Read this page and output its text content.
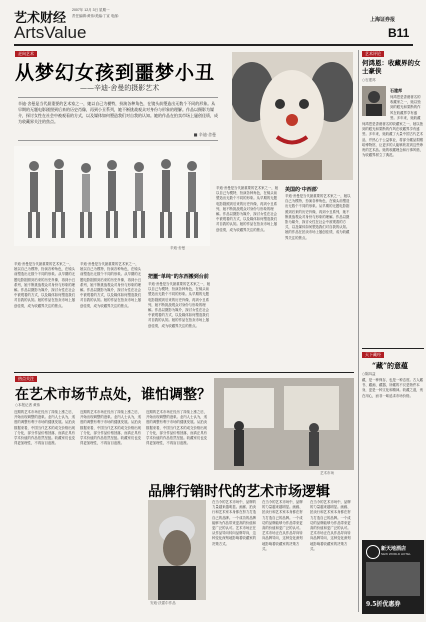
艺术财经
ArtsValue
2007年 12月 3日 星期一
责任编辑:黄伟/美编:丁宣 电邮:
上海证券报
B11
走向艺术
从梦幻女孩到噩梦小丑
——辛迪·舍曼的摄影艺术
辛迪·舍曼是当代最重要的艺术家之一，她以自己为模特，扮演各种角色，在镜头前塑造出无数个不同的形象。从早期的无题电影剧照到后来的历史肖像，再到小丑系列，她不断挑战观众对身份与形象的理解。作品以摄影为媒介，探讨女性在社会中被观看的方式，以及媒体如何塑造我们对自我的认知。她的作品在拍卖市场上屡创佳绩，成为收藏界关注的焦点。
■ 辛迪·舍曼
辛迪·舍曼
辛迪·舍曼是当代最重要的艺术家之一，她以自己为模特，扮演各种角色，在镜头前塑造出无数个不同的形象。从早期的无题电影剧照到后来的历史肖像，再到小丑系列，她不断挑战观众对身份与形象的理解。作品以摄影为媒介，探讨女性在社会中被观看的方式，以及媒体如何塑造我们对自我的认知。她的作品在拍卖市场上屡创佳绩，成为收藏界关注的焦点。
辛迪·舍曼是当代最重要的艺术家之一，她以自己为模特，扮演各种角色，在镜头前塑造出无数个不同的形象。从早期的无题电影剧照到后来的历史肖像，再到小丑系列，她不断挑战观众对身份与形象的理解。作品以摄影为媒介，探讨女性在社会中被观看的方式，以及媒体如何塑造我们对自我的认知。她的作品在拍卖市场上屡创佳绩，成为收藏界关注的焦点。
把噩“单纯”的东西搬到台前
辛迪·舍曼是当代最重要的艺术家之一，她以自己为模特，扮演各种角色，在镜头前塑造出无数个不同的形象。从早期的无题电影剧照到后来的历史肖像，再到小丑系列，她不断挑战观众对身份与形象的理解。作品以摄影为媒介，探讨女性在社会中被观看的方式，以及媒体如何塑造我们对自我的认知。她的作品在拍卖市场上屡创佳绩，成为收藏界关注的焦点。
辛迪·舍曼是当代最重要的艺术家之一，她以自己为模特，扮演各种角色，在镜头前塑造出无数个不同的形象。从早期的无题电影剧照到后来的历史肖像，再到小丑系列，她不断挑战观众对身份与形象的理解。作品以摄影为媒介，探讨女性在社会中被观看的方式，以及媒体如何塑造我们对自我的认知。她的作品在拍卖市场上屡创佳绩，成为收藏界关注的焦点。
美国的‘中西部’
辛迪·舍曼是当代最重要的艺术家之一，她以自己为模特，扮演各种角色，在镜头前塑造出无数个不同的形象。从早期的无题电影剧照到后来的历史肖像，再到小丑系列，她不断挑战观众对身份与形象的理解。作品以摄影为媒介，探讨女性在社会中被观看的方式，以及媒体如何塑造我们对自我的认知。她的作品在拍卖市场上屡创佳绩，成为收藏界关注的焦点。
热点关注
在艺术市场节点处，谁怕调整？
○本报记者 黄伟
近期的艺术市场在经历了持续上涨之后，开始出现调整的迹象。业内人士认为，适度的调整有利于市场的健康发展。从拍卖数据来看，中国当代艺术的成交价格出现了分化，部分作品价格回落，而真正具有学术价值的作品依然坚挺。收藏家们也变得更加理性，不再盲目追涨。
近期的艺术市场在经历了持续上涨之后，开始出现调整的迹象。业内人士认为，适度的调整有利于市场的健康发展。从拍卖数据来看，中国当代艺术的成交价格出现了分化，部分作品价格回落，而真正具有学术价值的作品依然坚挺。收藏家们也变得更加理性，不再盲目追涨。
近期的艺术市场在经历了持续上涨之后，开始出现调整的迹象。业内人士认为，适度的调整有利于市场的健康发展。从拍卖数据来看，中国当代艺术的成交价格出现了分化，部分作品价格回落，而真正具有学术价值的作品依然坚挺。收藏家们也变得更加理性，不再盲目追涨。
艺术市场
品牌行销时代的艺术市场逻辑
安迪·沃霍尔作品
在当今的艺术市场中，品牌的力量越来越明显。画廊、拍卖行和艺术家本身都在努力打造自己的品牌。一个成功的品牌能够为作品带来更高的价值和更广泛的认可。艺术市场正在从作品导向转向品牌导向，这种变化深刻地影响着收藏家的决策方式。
在当今的艺术市场中，品牌的力量越来越明显。画廊、拍卖行和艺术家本身都在努力打造自己的品牌。一个成功的品牌能够为作品带来更高的价值和更广泛的认可。艺术市场正在从作品导向转向品牌导向，这种变化深刻地影响着收藏家的决策方式。
在当今的艺术市场中，品牌的力量越来越明显。画廊、拍卖行和艺术家本身都在努力打造自己的品牌。一个成功的品牌能够为作品带来更高的价值和更广泛的认可。艺术市场正在从作品导向转向品牌导向，这种变化深刻地影响着收藏家的决策方式。
艺术评论
何鸿恩：收藏界的女士豪侠
○石建邦
石建邦
何鸿恩是香港著名的收藏家之一，她以独到的眼光和果断的作风在收藏界享有盛誉。多年来，她收藏
何鸿恩是香港著名的收藏家之一，她以独到的眼光和果断的作风在收藏界享有盛誉。多年来，她收藏了大量中国古代艺术品，并热心于公益事业，将部分藏品捐赠给博物馆，让更多的人能够欣赏到这些珍贵的艺术品。她的收藏理念和行事风格，为收藏界树立了典范。
天下藏经
“藏”的意蕴
○陈四益
藏，是一种保存，也是一种态度。古人藏书、藏画、藏器，所藏的不仅是物件本身，更是一种文化和精神。收藏之道，贵在用心，而非一味追求市场价格。
新天地酒店
NEW WORLD HOTEL
9.5折优惠券
